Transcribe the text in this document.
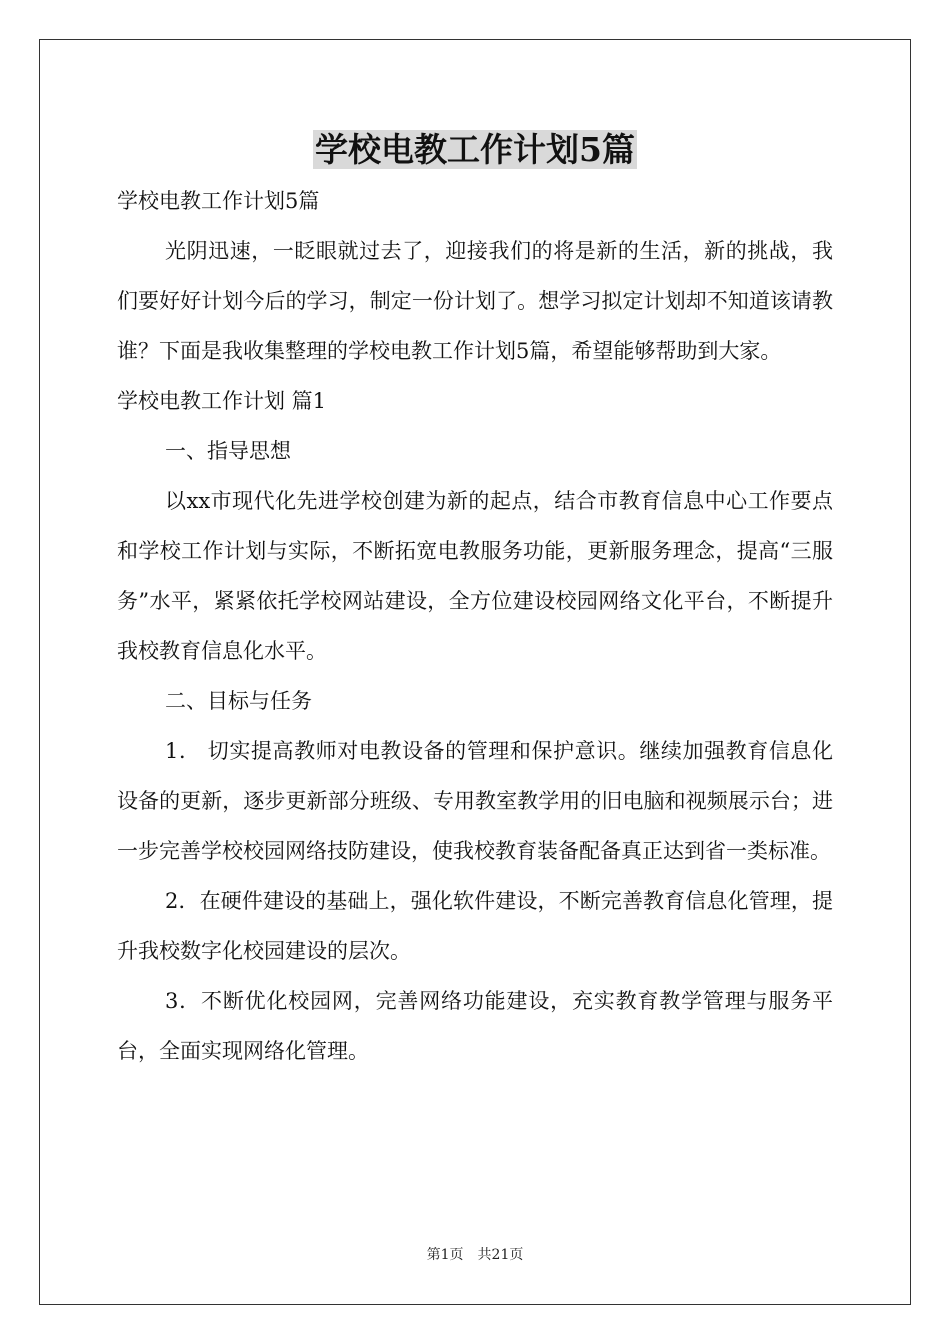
学校电教工作计划5篇

学校电教工作计划5篇

光阴迅速，一眨眼就过去了，迎接我们的将是新的生活，新的挑战，我们要好好计划今后的学习，制定一份计划了。想学习拟定计划却不知道该请教谁？下面是我收集整理的学校电教工作计划5篇，希望能够帮助到大家。

学校电教工作计划 篇1

一、指导思想

以xx市现代化先进学校创建为新的起点，结合市教育信息中心工作要点和学校工作计划与实际，不断拓宽电教服务功能，更新服务理念，提高“三服务”水平，紧紧依托学校网站建设，全方位建设校园网络文化平台，不断提升我校教育信息化水平。

二、目标与任务

1． 切实提高教师对电教设备的管理和保护意识。继续加强教育信息化设备的更新，逐步更新部分班级、专用教室教学用的旧电脑和视频展示台；进一步完善学校校园网络技防建设，使我校教育装备配备真正达到省一类标准。

2．在硬件建设的基础上，强化软件建设，不断完善教育信息化管理，提升我校数字化校园建设的层次。

3．不断优化校园网，完善网络功能建设，充实教育教学管理与服务平台，全面实现网络化管理。

第1页　共21页
